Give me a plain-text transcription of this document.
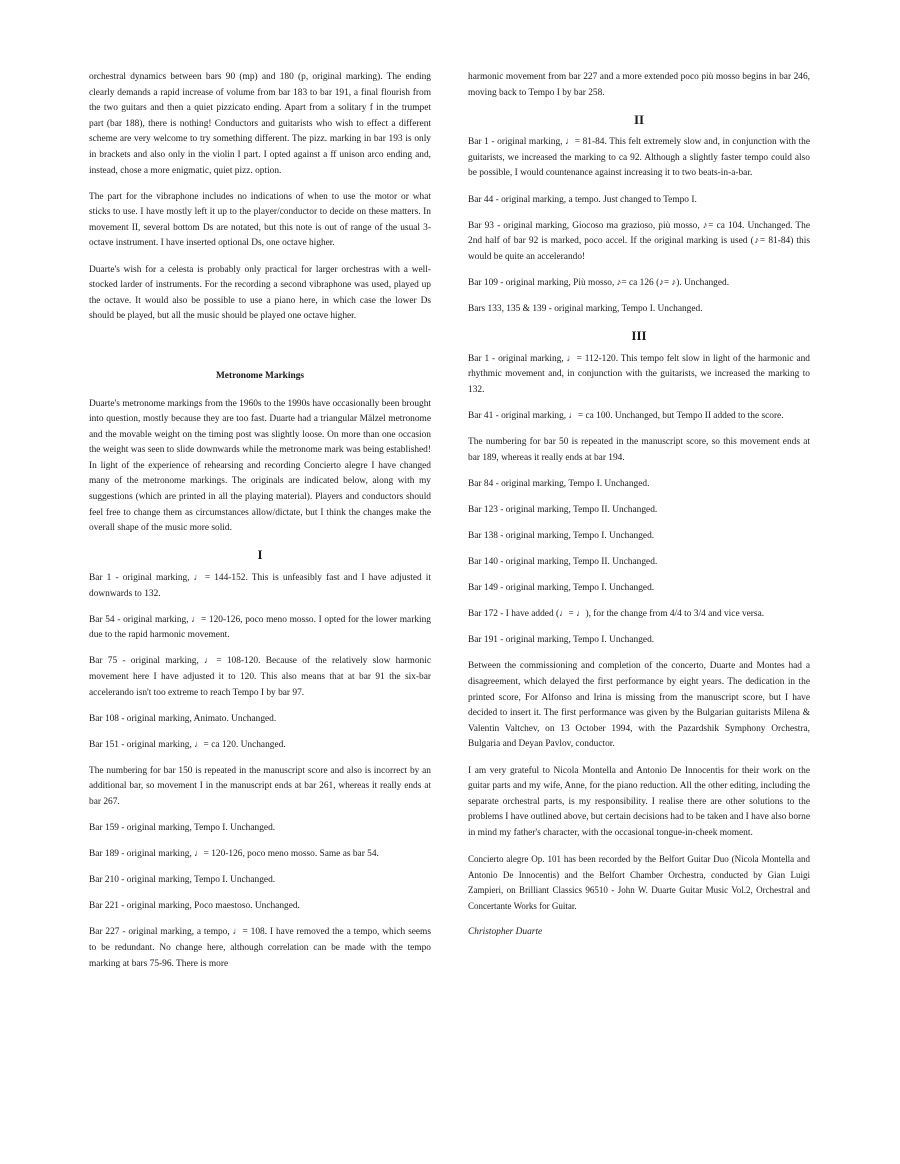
orchestral dynamics between bars 90 (mp) and 180 (p, original marking). The ending clearly demands a rapid increase of volume from bar 183 to bar 191, a final flourish from the two guitars and then a quiet pizzicato ending. Apart from a solitary f in the trumpet part (bar 188), there is nothing! Conductors and guitarists who wish to effect a different scheme are very welcome to try something different. The pizz. marking in bar 193 is only in brackets and also only in the violin I part. I opted against a ff unison arco ending and, instead, chose a more enigmatic, quiet pizz. option.

The part for the vibraphone includes no indications of when to use the motor or what sticks to use. I have mostly left it up to the player/conductor to decide on these matters. In movement II, several bottom Ds are notated, but this note is out of range of the usual 3-octave instrument. I have inserted optional Ds, one octave higher.

Duarte's wish for a celesta is probably only practical for larger orchestras with a well-stocked larder of instruments. For the recording a second vibraphone was used, played up the octave. It would also be possible to use a piano here, in which case the lower Ds should be played, but all the music should be played one octave higher.

Metronome Markings

Duarte's metronome markings from the 1960s to the 1990s have occasionally been brought into question, mostly because they are too fast. Duarte had a triangular Mälzel metronome and the movable weight on the timing post was slightly loose. On more than one occasion the weight was seen to slide downwards while the metronome mark was being established! In light of the experience of rehearsing and recording Concierto alegre I have changed many of the metronome markings. The originals are indicated below, along with my suggestions (which are printed in all the playing material). Players and conductors should feel free to change them as circumstances allow/dictate, but I think the changes make the overall shape of the music more solid.

I

Bar 1 - original marking, ♩= 144-152. This is unfeasibly fast and I have adjusted it downwards to 132.

Bar 54 - original marking, ♩= 120-126, poco meno mosso. I opted for the lower marking due to the rapid harmonic movement.

Bar 75 - original marking, ♩= 108-120. Because of the relatively slow harmonic movement here I have adjusted it to 120. This also means that at bar 91 the six-bar accelerando isn't too extreme to reach Tempo I by bar 97.

Bar 108 - original marking, Animato. Unchanged.

Bar 151 - original marking, ♩= ca 120. Unchanged.

The numbering for bar 150 is repeated in the manuscript score and also is incorrect by an additional bar, so movement I in the manuscript ends at bar 261, whereas it really ends at bar 267.

Bar 159 - original marking, Tempo I. Unchanged.

Bar 189 - original marking, ♩= 120-126, poco meno mosso. Same as bar 54.

Bar 210 - original marking, Tempo I. Unchanged.

Bar 221 - original marking, Poco maestoso. Unchanged.

Bar 227 - original marking, a tempo, ♩= 108. I have removed the a tempo, which seems to be redundant. No change here, although correlation can be made with the tempo marking at bars 75-96. There is more

harmonic movement from bar 227 and a more extended poco più mosso begins in bar 246, moving back to Tempo I by bar 258.

II

Bar 1 - original marking, ♩= 81-84. This felt extremely slow and, in conjunction with the guitarists, we increased the marking to ca 92. Although a slightly faster tempo could also be possible, I would countenance against increasing it to two beats-in-a-bar.

Bar 44 - original marking, a tempo. Just changed to Tempo I.

Bar 93 - original marking, Giocoso ma grazioso, più mosso, ♪= ca 104. Unchanged. The 2nd half of bar 92 is marked, poco accel. If the original marking is used (♪= 81-84) this would be quite an accelerando!

Bar 109 - original marking, Più mosso, ♪= ca 126 (♪= ♪). Unchanged.

Bars 133, 135 & 139 - original marking, Tempo I. Unchanged.

III

Bar 1 - original marking, ♩= 112-120. This tempo felt slow in light of the harmonic and rhythmic movement and, in conjunction with the guitarists, we increased the marking to 132.

Bar 41 - original marking, ♩= ca 100. Unchanged, but Tempo II added to the score.

The numbering for bar 50 is repeated in the manuscript score, so this movement ends at bar 189, whereas it really ends at bar 194.

Bar 84 - original marking, Tempo I. Unchanged.

Bar 123 - original marking, Tempo II. Unchanged.

Bar 138 - original marking, Tempo I. Unchanged.

Bar 140 - original marking, Tempo II. Unchanged.

Bar 149 - original marking, Tempo I. Unchanged.

Bar 172 - I have added (♩= ♩), for the change from 4/4 to 3/4 and vice versa.

Bar 191 - original marking, Tempo I. Unchanged.

Between the commissioning and completion of the concerto, Duarte and Montes had a disagreement, which delayed the first performance by eight years. The dedication in the printed score, For Alfonso and Irina is missing from the manuscript score, but I have decided to insert it. The first performance was given by the Bulgarian guitarists Milena & Valentin Valtchev, on 13 October 1994, with the Pazardshik Symphony Orchestra, Bulgaria and Deyan Pavlov, conductor.

I am very grateful to Nicola Montella and Antonio De Innocentis for their work on the guitar parts and my wife, Anne, for the piano reduction. All the other editing, including the separate orchestral parts, is my responsibility. I realise there are other solutions to the problems I have outlined above, but certain decisions had to be taken and I have also borne in mind my father's character, with the occasional tongue-in-cheek moment.

Concierto alegre Op. 101 has been recorded by the Belfort Guitar Duo (Nicola Montella and Antonio De Innocentis) and the Belfort Chamber Orchestra, conducted by Gian Luigi Zampieri, on Brilliant Classics 96510 - John W. Duarte Guitar Music Vol.2, Orchestral and Concertante Works for Guitar.

Christopher Duarte
